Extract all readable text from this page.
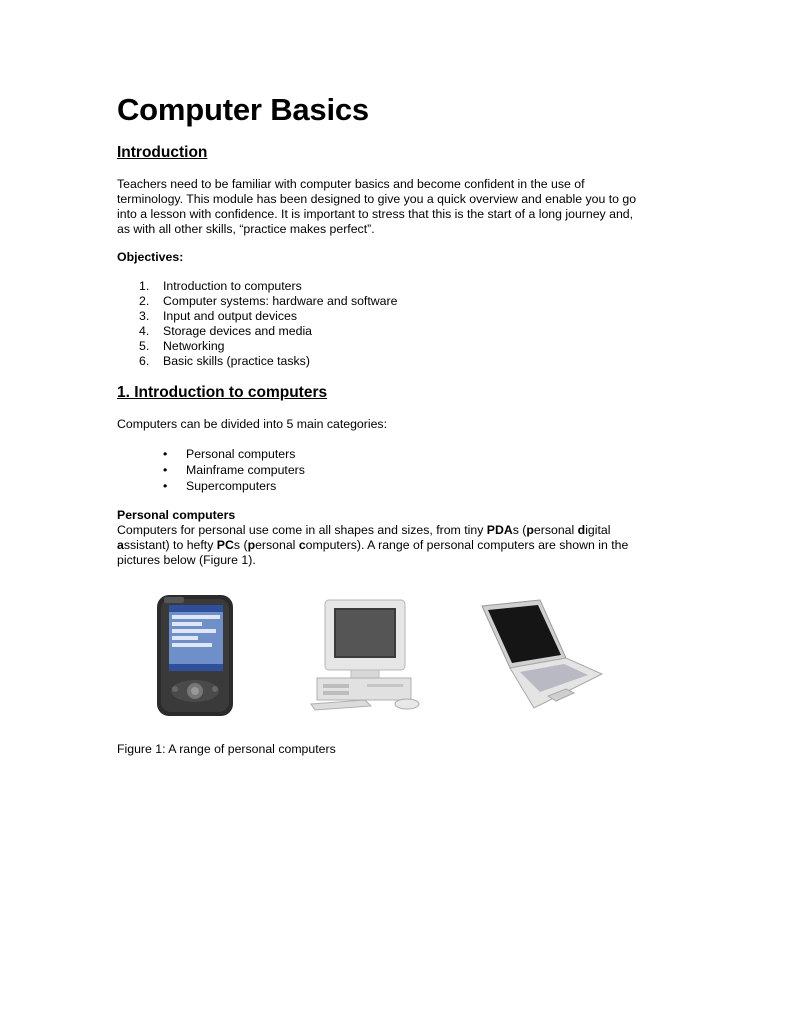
Computer Basics
Introduction
Teachers need to be familiar with computer basics and become confident in the use of
terminology. This module has been designed to give you a quick overview and enable you to go
into a lesson with confidence. It is important to stress that this is the start of a long journey and,
as with all other skills, “practice makes perfect”.
Objectives:
1. Introduction to computers
2. Computer systems: hardware and software
3. Input and output devices
4. Storage devices and media
5. Networking
6. Basic skills (practice tasks)
1. Introduction to computers
Computers can be divided into 5 main categories:
• Personal computers
• Mainframe computers
• Supercomputers
Personal computers
Computers for personal use come in all shapes and sizes, from tiny PDAs (personal digital
assistant) to hefty PCs (personal computers). A range of personal computers are shown in the
pictures below (Figure 1).
Figure 1: A range of personal computers
